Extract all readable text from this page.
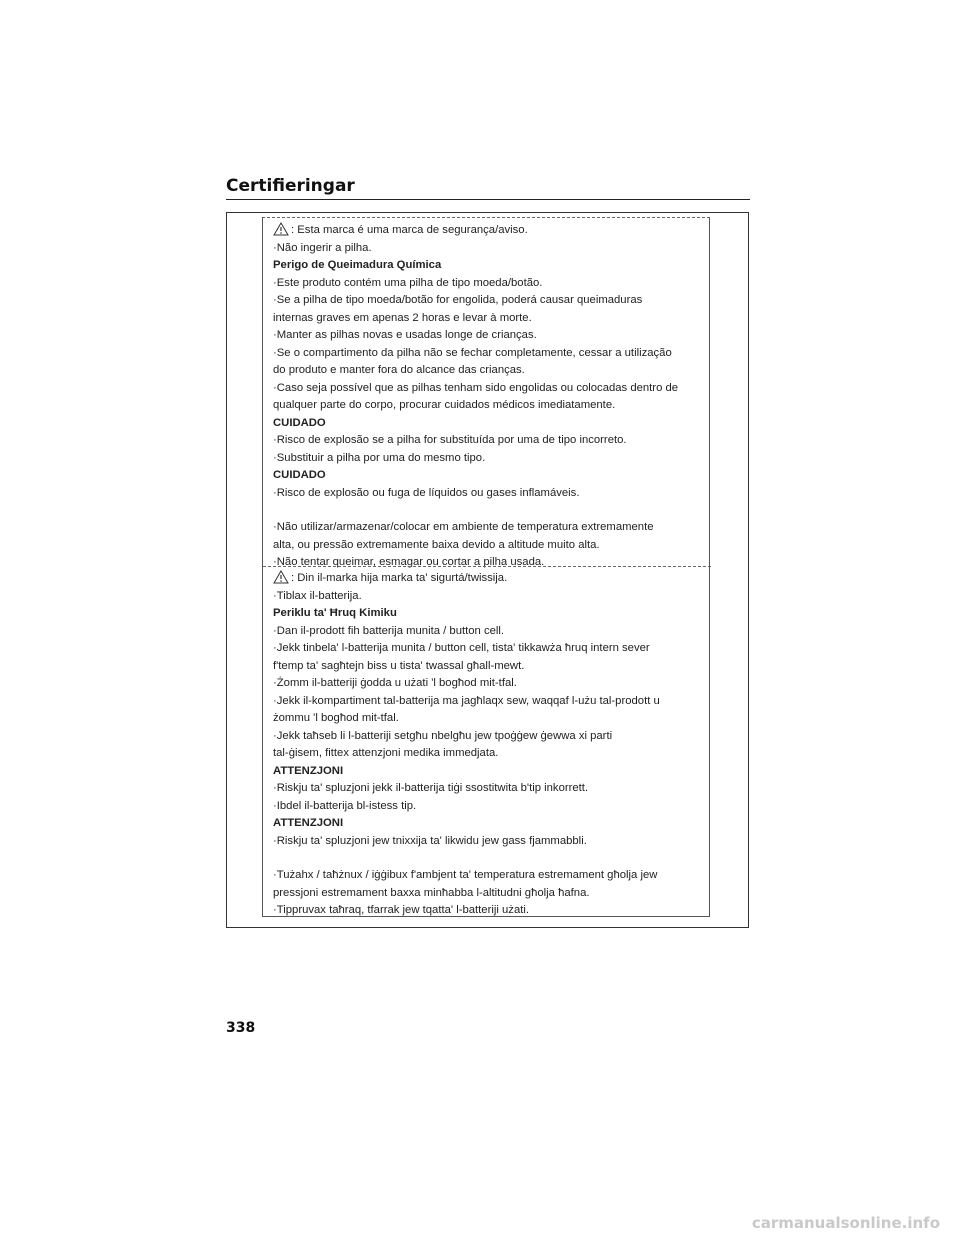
Certifieringar
: Esta marca é uma marca de segurança/aviso.
·Não ingerir a pilha.
Perigo de Queimadura Química
·Este produto contém uma pilha de tipo moeda/botão.
·Se a pilha de tipo moeda/botão for engolida, poderá causar queimaduras
internas graves em apenas 2 horas e levar à morte.
·Manter as pilhas novas e usadas longe de crianças.
·Se o compartimento da pilha não se fechar completamente, cessar a utilização
do produto e manter fora do alcance das crianças.
·Caso seja possível que as pilhas tenham sido engolidas ou colocadas dentro de
qualquer parte do corpo, procurar cuidados médicos imediatamente.
CUIDADO
·Risco de explosão se a pilha for substituída por uma de tipo incorreto.
·Substituir a pilha por uma do mesmo tipo.
CUIDADO
·Risco de explosão ou fuga de líquidos ou gases inflamáveis.
·Não utilizar/armazenar/colocar em ambiente de temperatura extremamente
alta, ou pressão extremamente baixa devido a altitude muito alta.
·Não tentar queimar, esmagar ou cortar a pilha usada.
: Din il-marka hija marka ta' sigurtá/twissija.
·Tiblax il-batterija.
Periklu ta' Ħruq Kimiku
·Dan il-prodott fih batterija munita / button cell.
·Jekk tinbela' l-batterija munita / button cell, tista' tikkawża ħruq intern sever
f'temp ta' sagħtejn biss u tista' twassal għall-mewt.
·Żomm il-batteriji ġodda u użati 'l bogħod mit-tfal.
·Jekk il-kompartiment tal-batterija ma jagħlaqx sew, waqqaf l-użu tal-prodott u
żommu 'l bogħod mit-tfal.
·Jekk taħseb li l-batteriji setgħu nbelgħu jew tpoġġew ġewwa xi parti
tal-ġisem, fittex attenzjoni medika immedjata.
ATTENZJONI
·Riskju ta' spluzjoni jekk il-batterija tiġi ssostitwita b'tip inkorrett.
·Ibdel il-batterija bl-istess tip.
ATTENZJONI
·Riskju ta' spluzjoni jew tnixxija ta' likwidu jew gass fjammabbli.
·Tużahx / taħżnux / iġġibux f'ambjent ta' temperatura estremament għolja jew
pressjoni estremament baxxa minħabba l-altitudni għolja ħafna.
·Tippruvax taħraq, tfarrak jew tqatta' l-batteriji użati.
338
carmanualsonline.info
